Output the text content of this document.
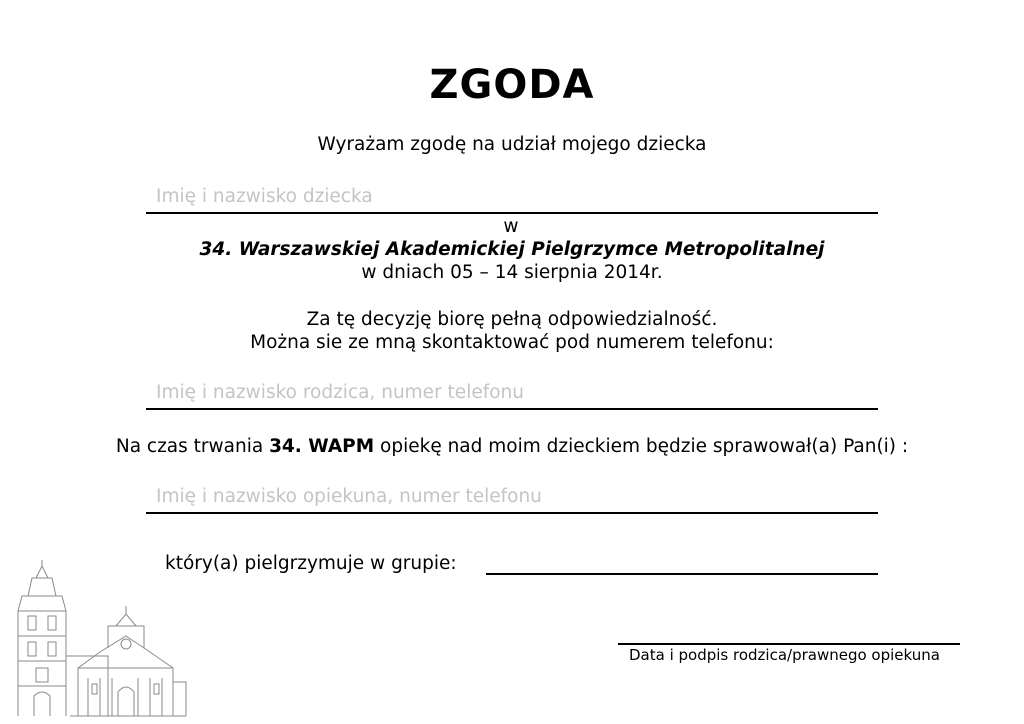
ZGODA
Wyrażam zgodę na udział mojego dziecka
Imię i nazwisko dziecka
w
34. Warszawskiej Akademickiej Pielgrzymce Metropolitalnej
w dniach 05 – 14 sierpnia 2014r.
Za tę decyzję biorę pełną odpowiedzialność.
Można sie ze mną skontaktować pod numerem telefonu:
Imię i nazwisko rodzica, numer telefonu
Na czas trwania 34. WAPM opiekę nad moim dzieckiem będzie sprawował(a) Pan(i) :
Imię i nazwisko opiekuna, numer telefonu
który(a) pielgrzymuje w grupie:
Data i podpis rodzica/prawnego opiekuna
